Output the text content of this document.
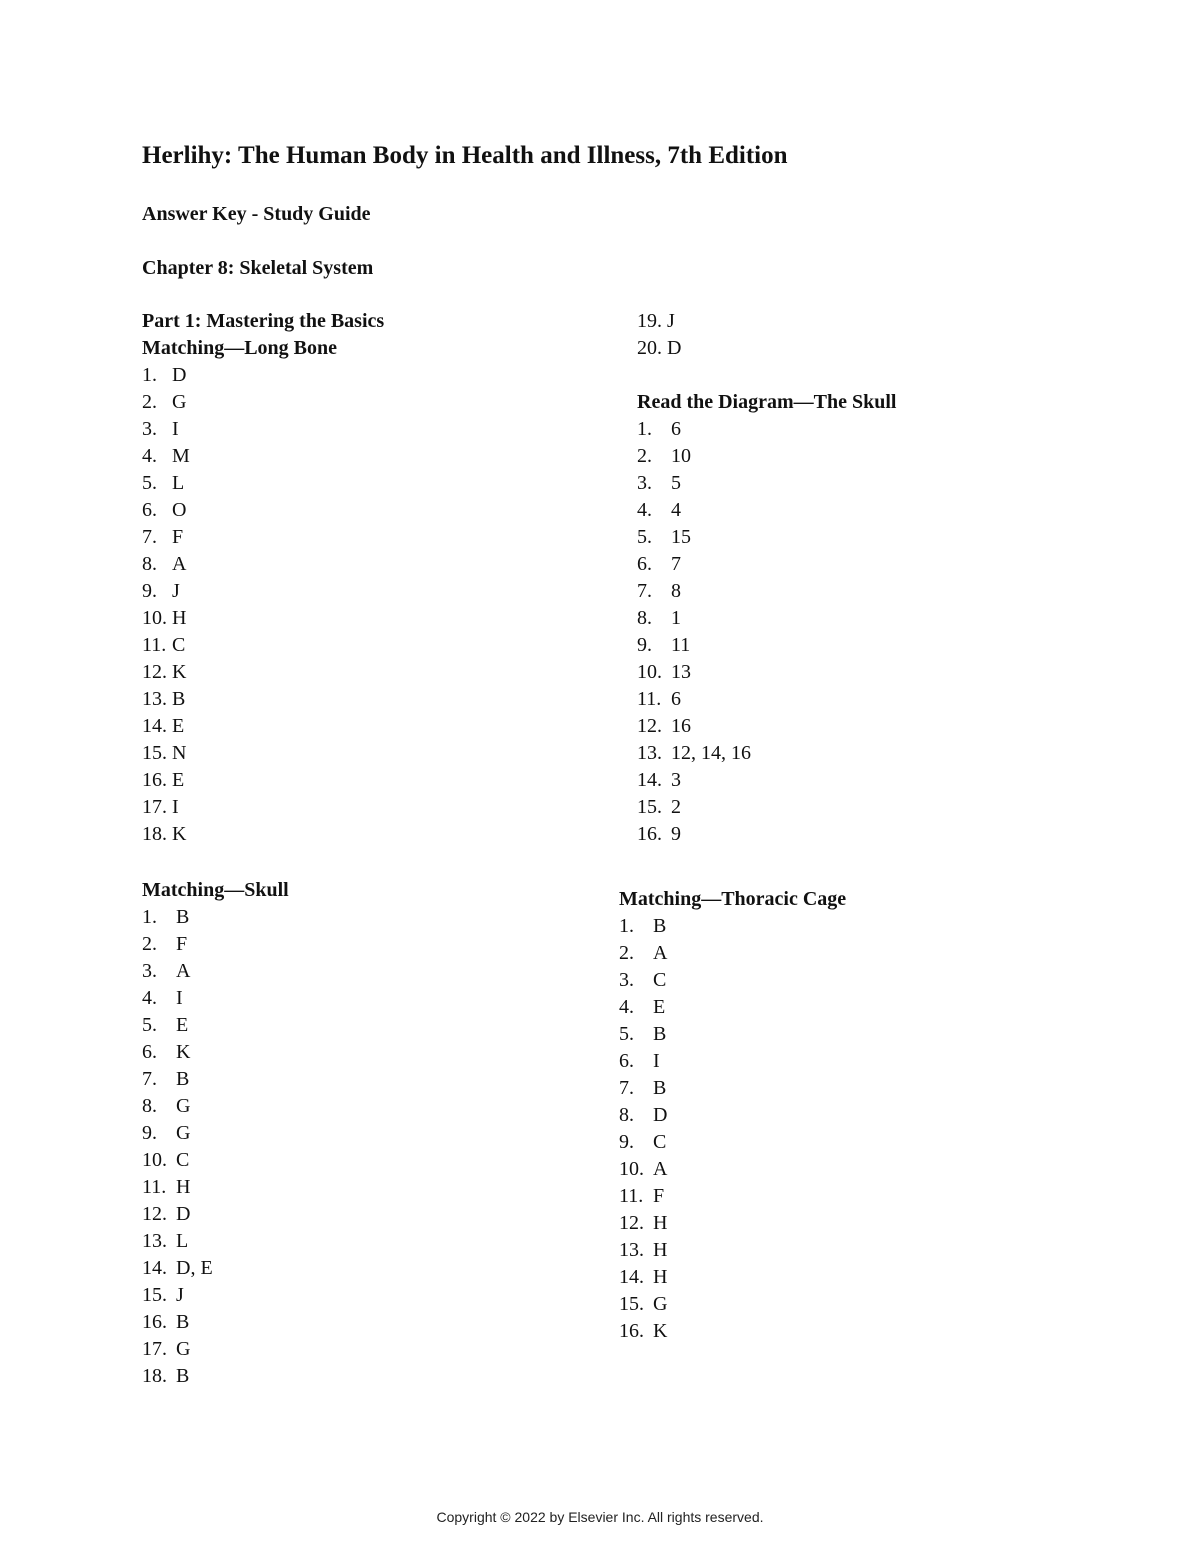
Herlihy: The Human Body in Health and Illness, 7th Edition

Answer Key - Study Guide

Chapter 8: Skeletal System

Part 1: Mastering the Basics

Matching—Long Bone

1. D
2. G
3. I
4. M
5. L
6. O
7. F
8. A
9. J
10. H
11. C
12. K
13. B
14. E
15. N
16. E
17. I
18. K
19. J
20. D

Read the Diagram—The Skull

1. 6
2. 10
3. 5
4. 4
5. 15
6. 7
7. 8
8. 1
9. 11
10. 13
11. 6
12. 16
13. 12, 14, 16
14. 3
15. 2
16. 9

Matching—Skull

1. B
2. F
3. A
4. I
5. E
6. K
7. B
8. G
9. G
10. C
11. H
12. D
13. L
14. D, E
15. J
16. B
17. G
18. B

Matching—Thoracic Cage

1. B
2. A
3. C
4. E
5. B
6. I
7. B
8. D
9. C
10. A
11. F
12. H
13. H
14. H
15. G
16. K

Copyright © 2022 by Elsevier Inc. All rights reserved.
